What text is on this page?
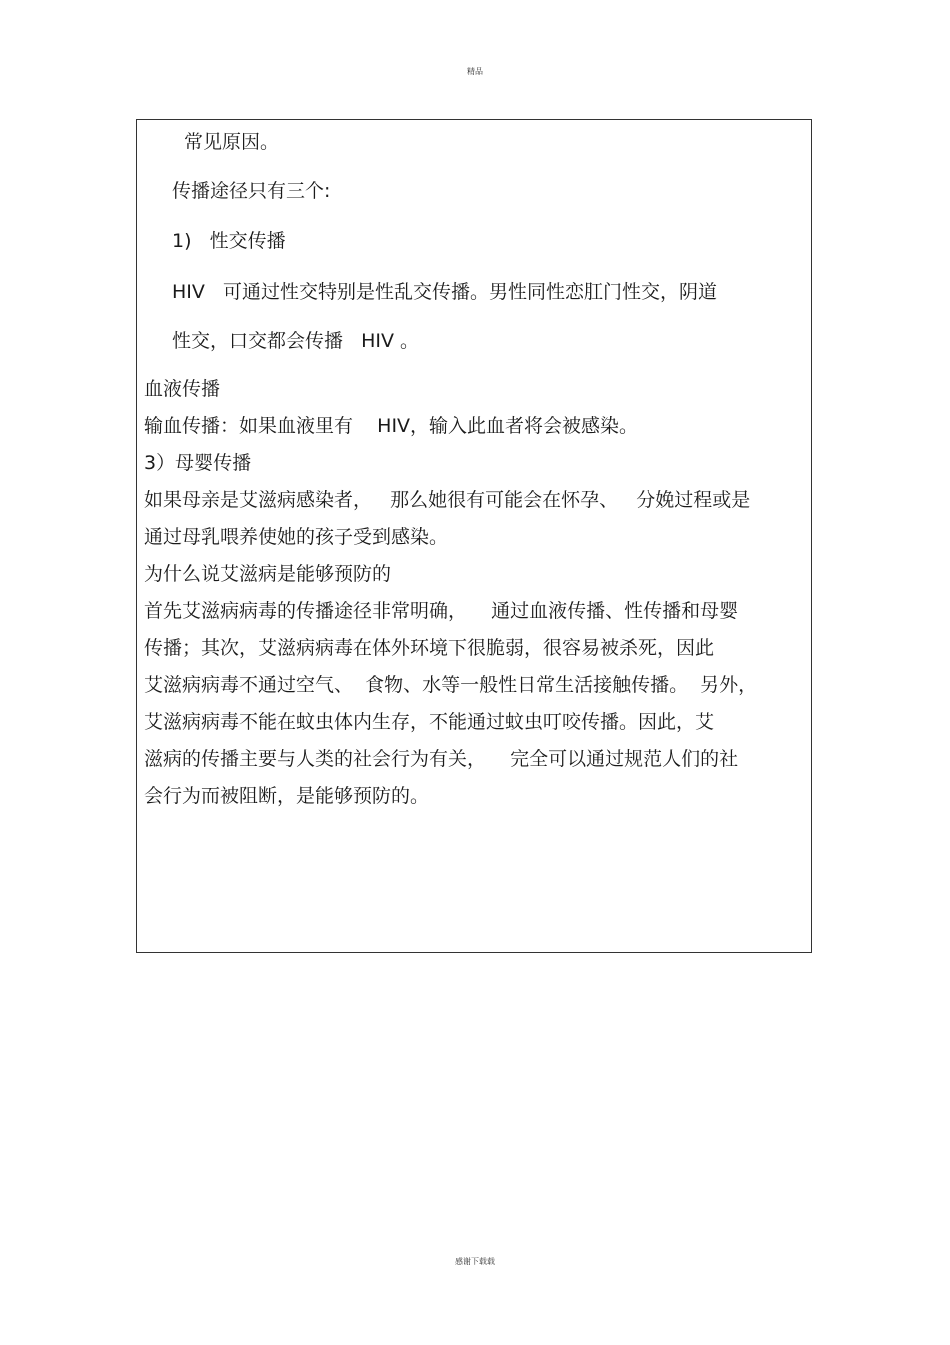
精品
常见原因。
传播途径只有三个:
1)   性交传播
HIV   可通过性交特别是性乱交传播。男性同性恋肛门性交，阴道
性交，口交都会传播   HIV 。
血液传播
输血传播：如果血液里有    HIV，输入此血者将会被感染。
3）母婴传播
如果母亲是艾滋病感染者，   那么她很有可能会在怀孕、   分娩过程或是
通过母乳喂养使她的孩子受到感染。
为什么说艾滋病是能够预防的
首先艾滋病病毒的传播途径非常明确，    通过血液传播、性传播和母婴
传播；其次，艾滋病病毒在体外环境下很脆弱，很容易被杀死，因此
艾滋病病毒不通过空气、  食物、水等一般性日常生活接触传播。  另外，
艾滋病病毒不能在蚊虫体内生存，不能通过蚊虫叮咬传播。因此，艾
滋病的传播主要与人类的社会行为有关，    完全可以通过规范人们的社
会行为而被阻断，是能够预防的。
感谢下载载
